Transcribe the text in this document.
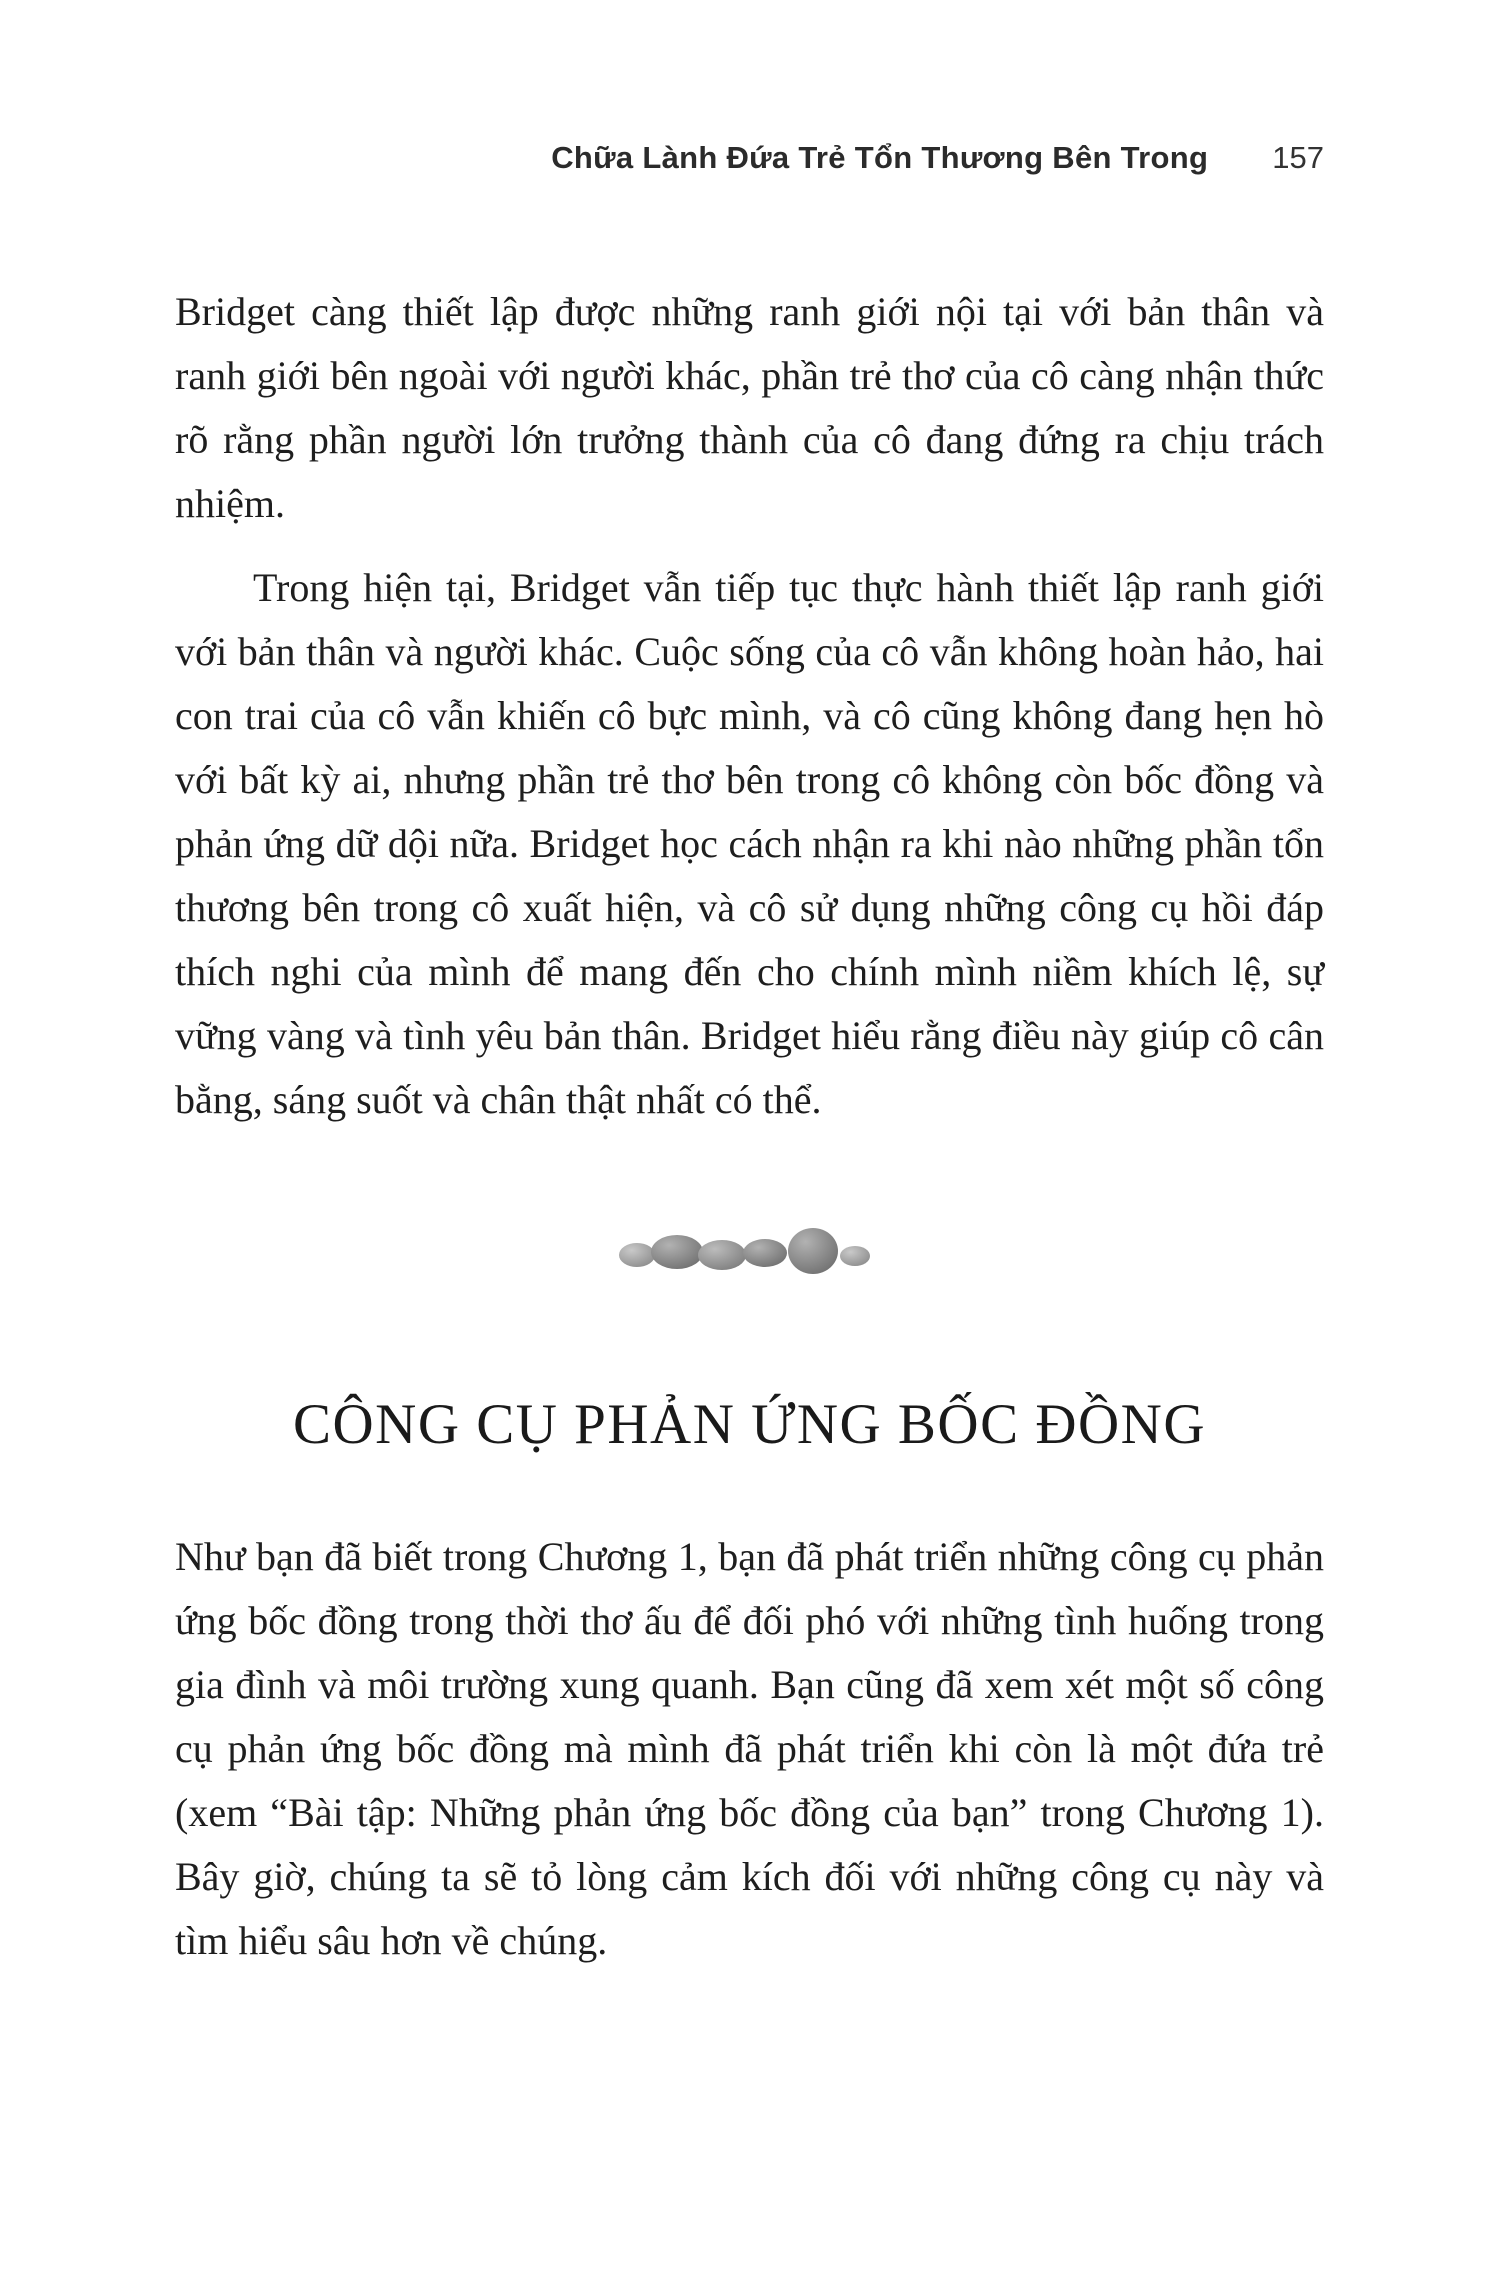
Chữa Lành Đứa Trẻ Tổn Thương Bên Trong 157

Bridget càng thiết lập được những ranh giới nội tại với bản thân và ranh giới bên ngoài với người khác, phần trẻ thơ của cô càng nhận thức rõ rằng phần người lớn trưởng thành của cô đang đứng ra chịu trách nhiệm.

Trong hiện tại, Bridget vẫn tiếp tục thực hành thiết lập ranh giới với bản thân và người khác. Cuộc sống của cô vẫn không hoàn hảo, hai con trai của cô vẫn khiến cô bực mình, và cô cũng không đang hẹn hò với bất kỳ ai, nhưng phần trẻ thơ bên trong cô không còn bốc đồng và phản ứng dữ dội nữa. Bridget học cách nhận ra khi nào những phần tổn thương bên trong cô xuất hiện, và cô sử dụng những công cụ hồi đáp thích nghi của mình để mang đến cho chính mình niềm khích lệ, sự vững vàng và tình yêu bản thân. Bridget hiểu rằng điều này giúp cô cân bằng, sáng suốt và chân thật nhất có thể.

CÔNG CỤ PHẢN ỨNG BỐC ĐỒNG

Như bạn đã biết trong Chương 1, bạn đã phát triển những công cụ phản ứng bốc đồng trong thời thơ ấu để đối phó với những tình huống trong gia đình và môi trường xung quanh. Bạn cũng đã xem xét một số công cụ phản ứng bốc đồng mà mình đã phát triển khi còn là một đứa trẻ (xem “Bài tập: Những phản ứng bốc đồng của bạn” trong Chương 1). Bây giờ, chúng ta sẽ tỏ lòng cảm kích đối với những công cụ này và tìm hiểu sâu hơn về chúng.
